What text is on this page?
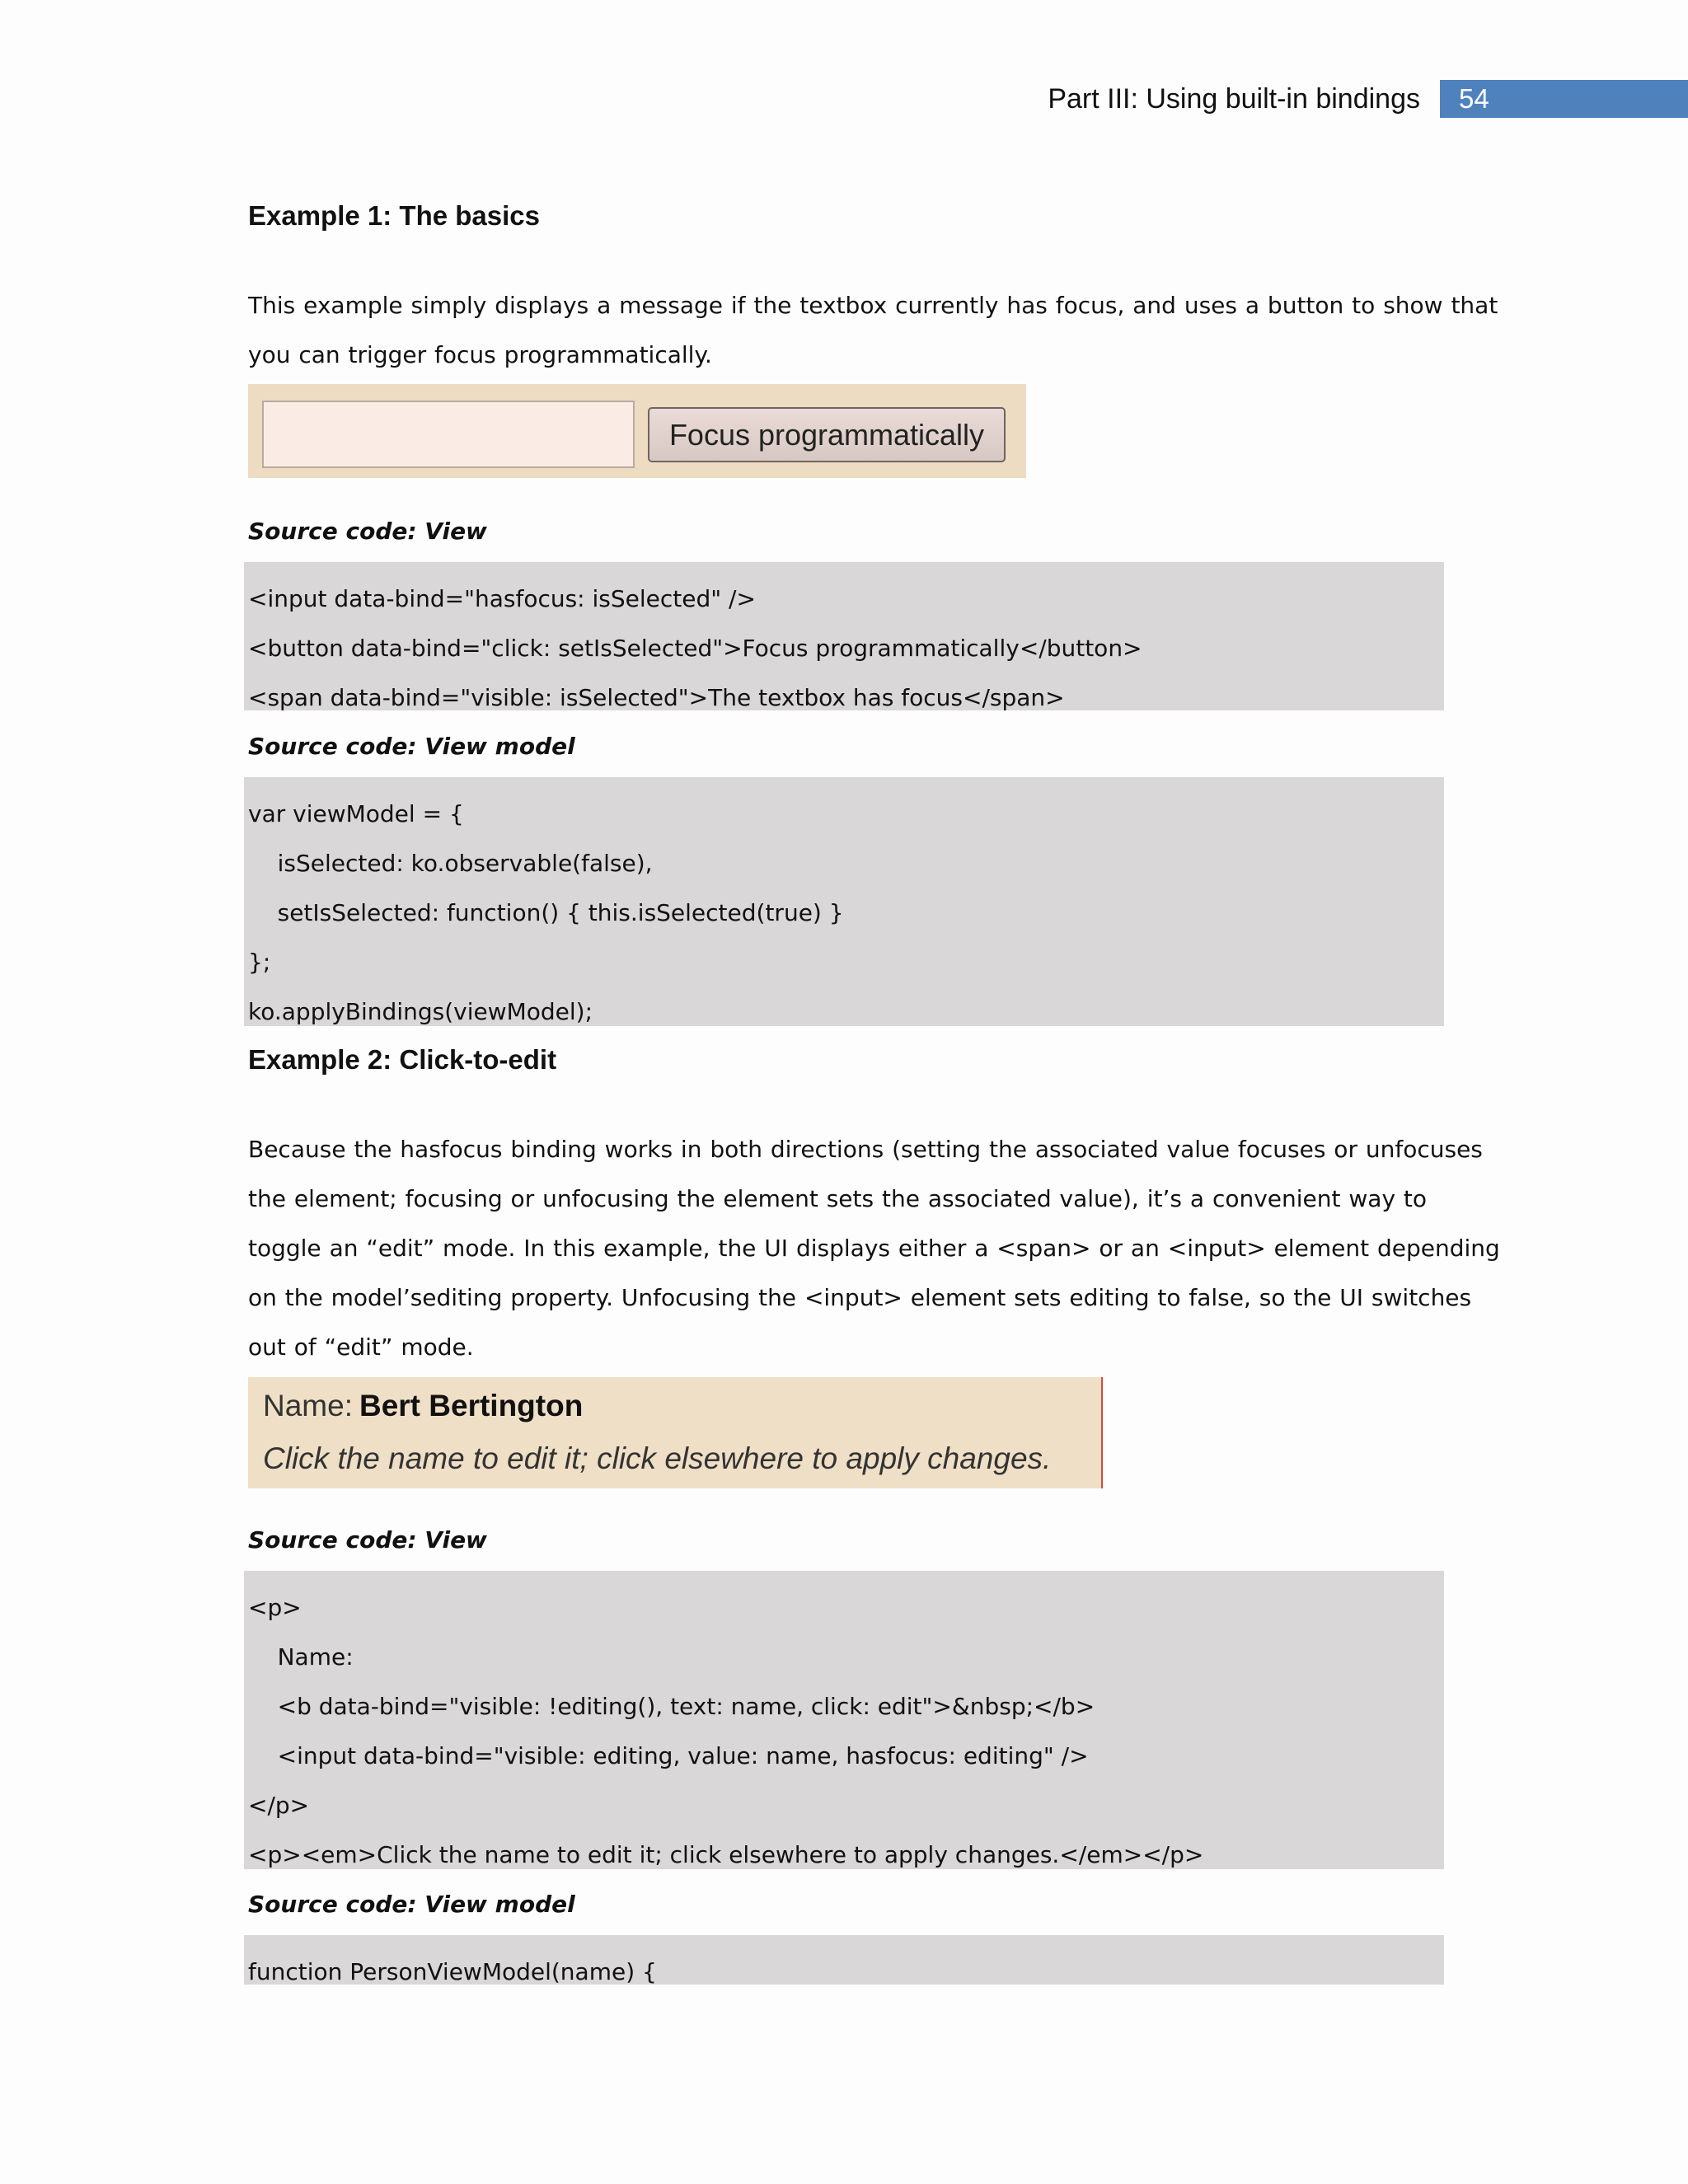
Part III: Using built-in bindings	54
Example 1: The basics
This example simply displays a message if the textbox currently has focus, and uses a button to show that
you can trigger focus programmatically.
Focus programmatically
Source code: View
<input data-bind="hasfocus: isSelected" />
<button data-bind="click: setIsSelected">Focus programmatically</button>
<span data-bind="visible: isSelected">The textbox has focus</span>
Source code: View model
var viewModel = {
isSelected: ko.observable(false),
setIsSelected: function() { this.isSelected(true) }
};
ko.applyBindings(viewModel);
Example 2: Click-to-edit
Because the hasfocus binding works in both directions (setting the associated value focuses or unfocuses
the element; focusing or unfocusing the element sets the associated value), it’s a convenient way to
toggle an “edit” mode. In this example, the UI displays either a <span> or an <input> element depending
on the model’sediting property. Unfocusing the <input> element sets editing to false, so the UI switches
out of “edit” mode.
Name: Bert Bertington
Click the name to edit it; click elsewhere to apply changes.
Source code: View
<p>
Name:
<b data-bind="visible: !editing(), text: name, click: edit">&nbsp;</b>
<input data-bind="visible: editing, value: name, hasfocus: editing" />
</p>
<p><em>Click the name to edit it; click elsewhere to apply changes.</em></p>
Source code: View model
function PersonViewModel(name) {
